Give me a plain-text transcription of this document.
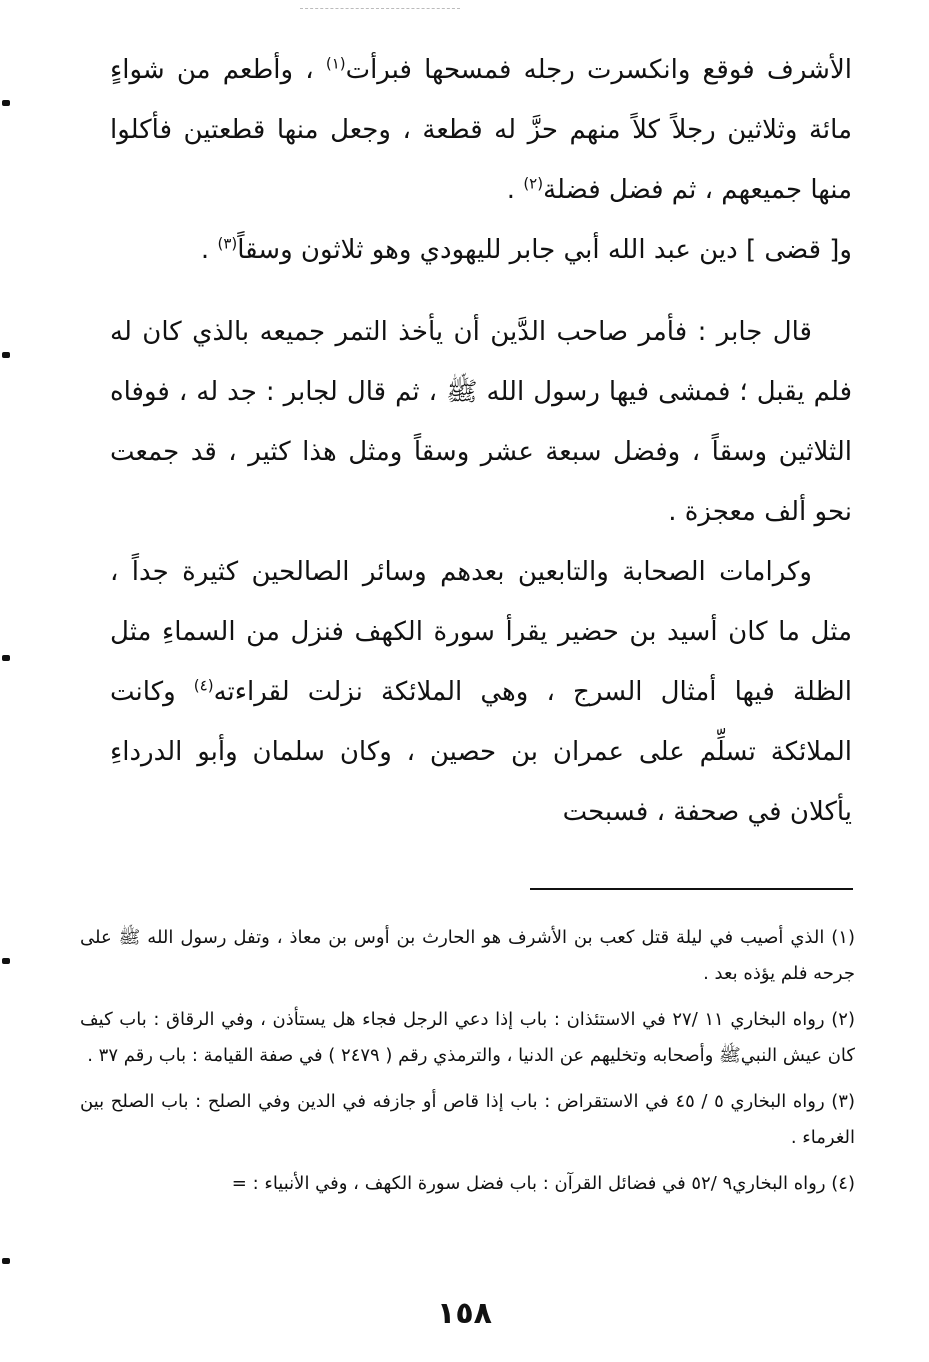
الأشرف فوقع وانكسرت رجله فمسحها فبرأت$^{(١)}$ ، وأطعم من شواءٍ مائة وثلاثين رجلاً كلاً منهم حزَّ له قطعة ، وجعل منها قطعتين فأكلوا منها جميعهم ، ثم فضل فضلة$^{(٢)}$ .

و[ قضى ] دين عبد الله أبي جابر لليهودي وهو ثلاثون وسقاً$^{(٣)}$ .

قال جابر : فأمر صاحب الدَّين أن يأخذ التمر جميعه بالذي كان له فلم يقبل ؛ فمشى فيها رسول الله ﷺ ، ثم قال لجابر : جد له ، فوفاه الثلاثين وسقاً ، وفضل سبعة عشر وسقاً ومثل هذا كثير ، قد جمعت نحو ألف معجزة .

وكرامات الصحابة والتابعين بعدهم وسائر الصالحين كثيرة جداً ، مثل ما كان أسيد بن حضير يقرأ سورة الكهف فنزل من السماءِ مثل الظلة فيها أمثال السرج ، وهي الملائكة نزلت لقراءته$^{(٤)}$ وكانت الملائكة تسلِّم على عمران بن حصين ، وكان سلمان وأبو الدرداءِ يأكلان في صحفة ، فسبحت

(١) الذي أصيب في ليلة قتل كعب بن الأشرف هو الحارث بن أوس بن معاذ ، وتفل رسول الله ﷺ على جرحه فلم يؤذه بعد .

(٢) رواه البخاري ١١ /٢٧ في الاستئذان : باب إذا دعي الرجل فجاء هل يستأذن ، وفي الرقاق : باب كيف كان عيش النبيﷺ وأصحابه وتخليهم عن الدنيا ، والترمذي رقم ( ٢٤٧٩ ) في صفة القيامة : باب رقم ٣٧ .

(٣) رواه البخاري ٥ / ٤٥ في الاستقراض : باب إذا قاص أو جازفه في الدين وفي الصلح : باب الصلح بين الغرماء .

(٤) رواه البخاري٩ /٥٢ في فضائل القرآن : باب فضل سورة الكهف ، وفي الأنبياء : =

١٥٨
